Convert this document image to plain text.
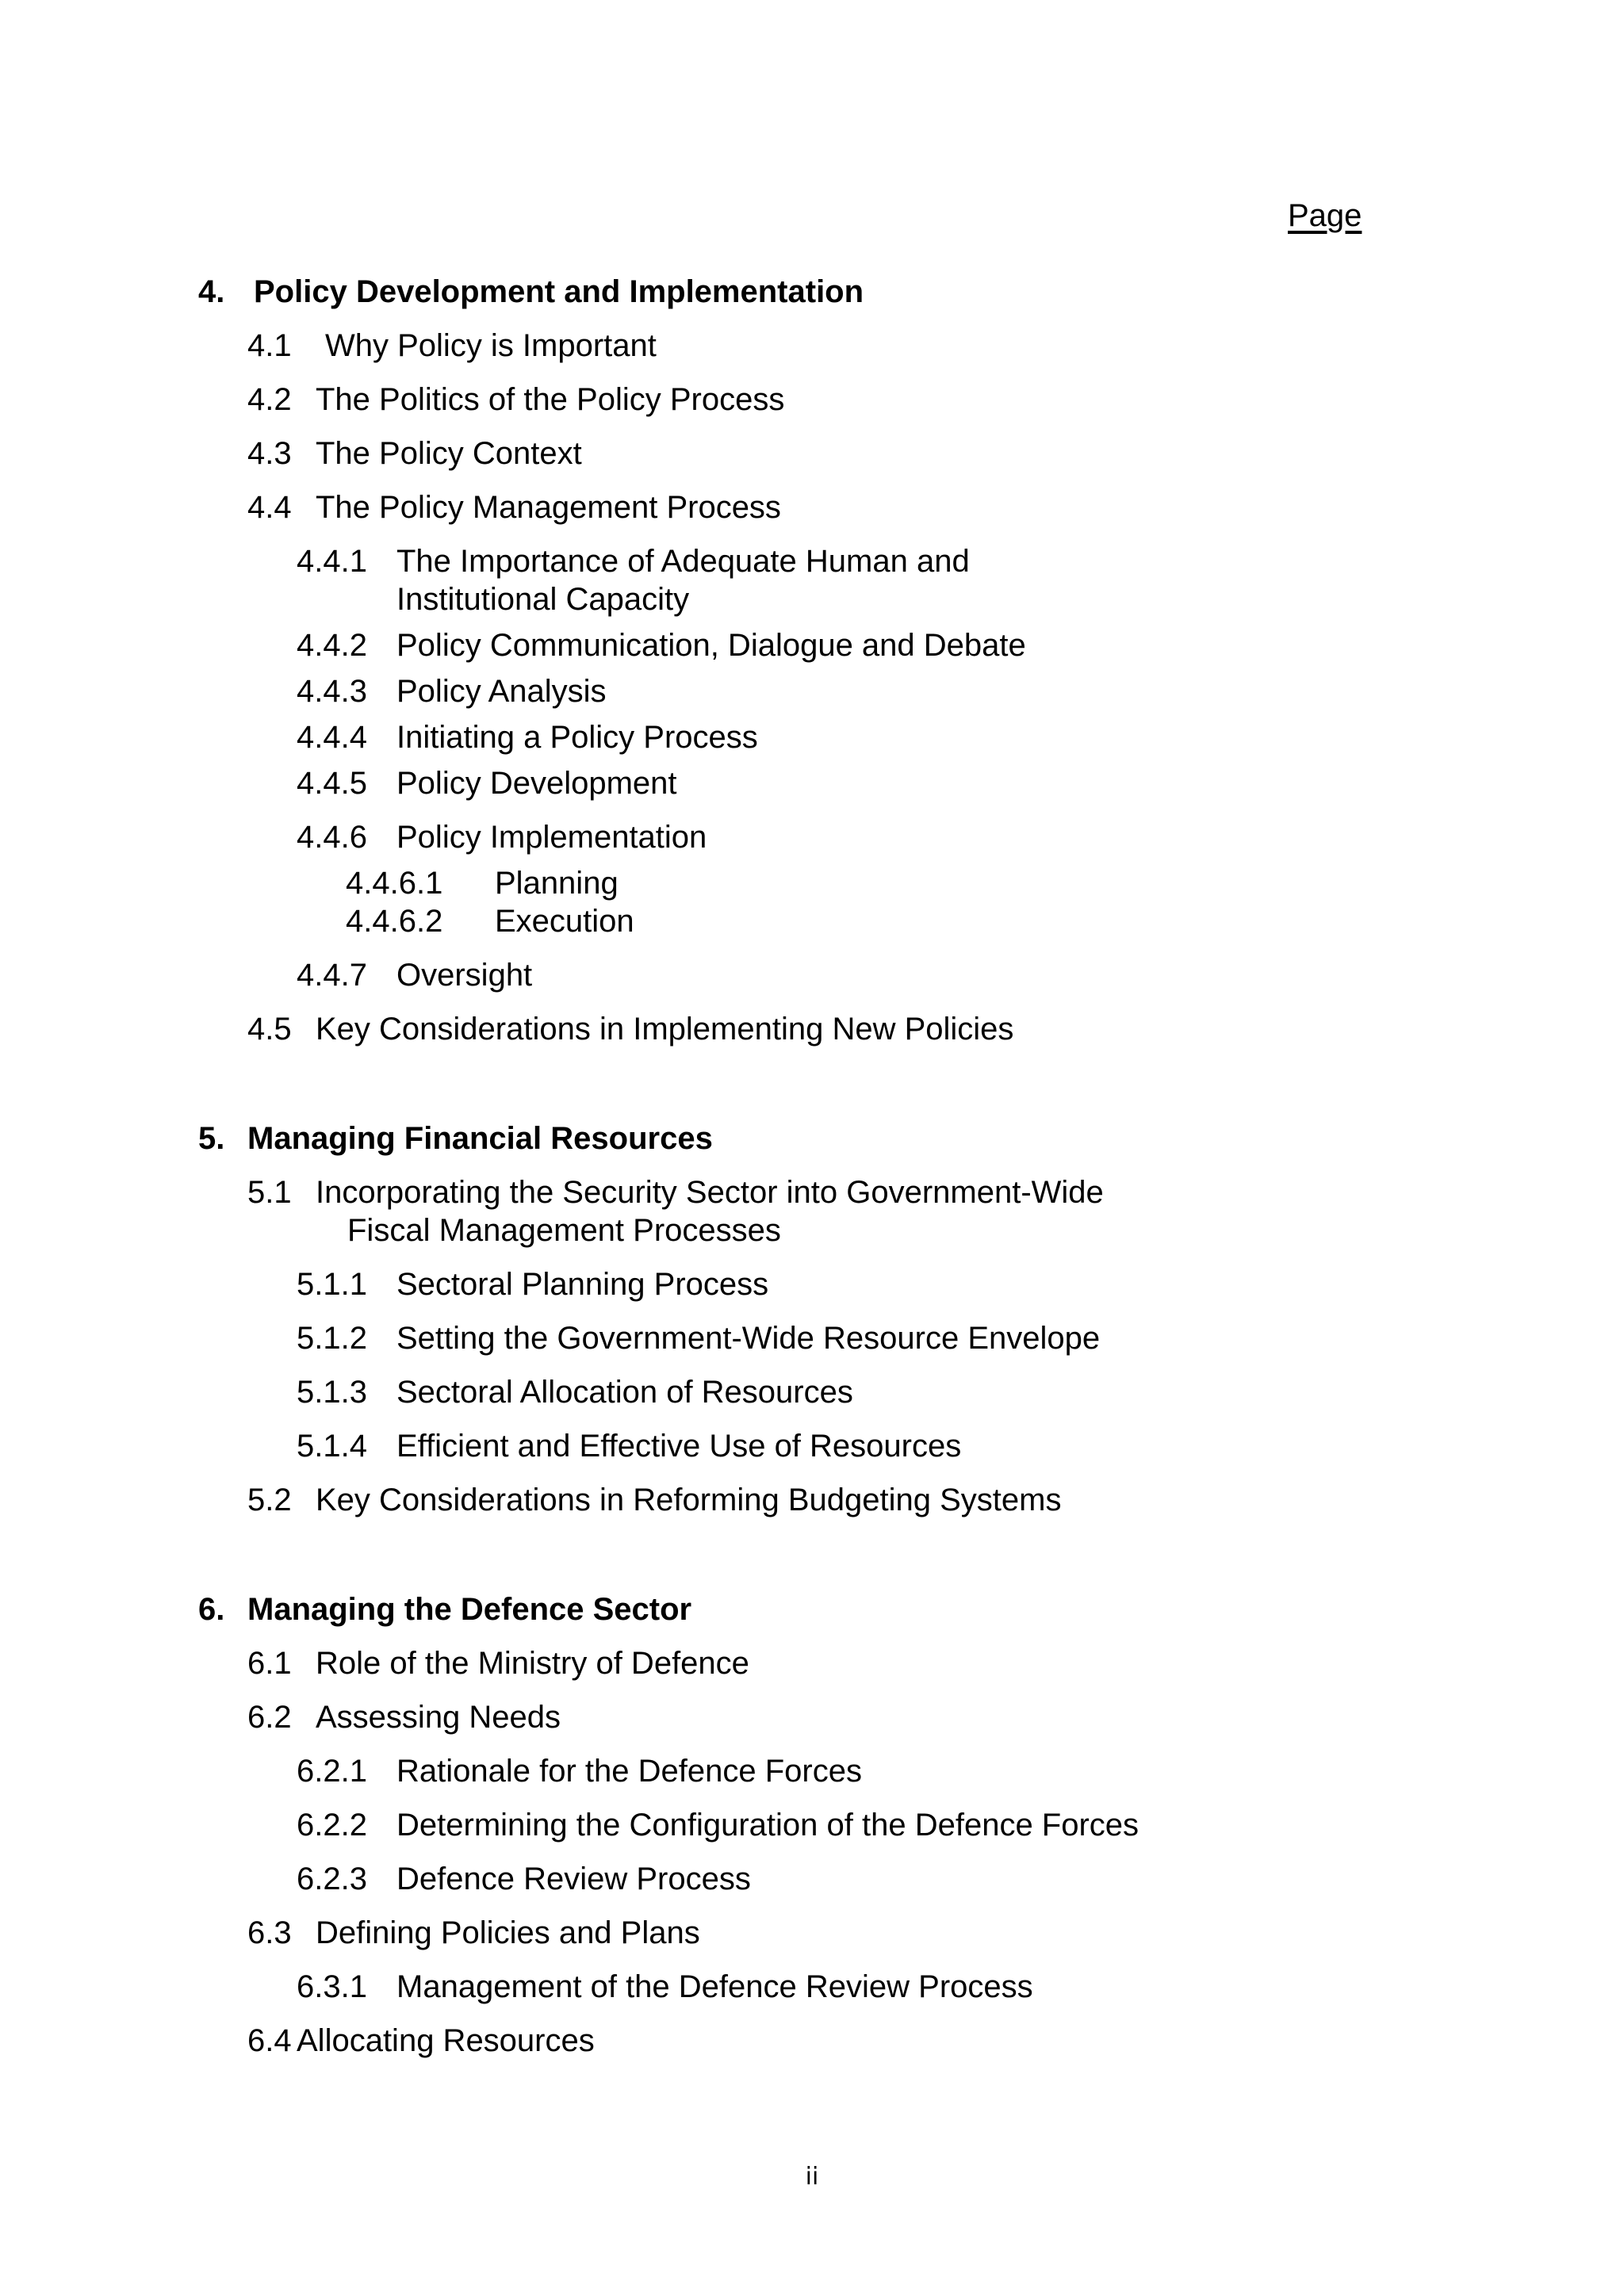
Page
4. Policy Development and Implementation
4.1 Why Policy is Important
4.2 The Politics of the Policy Process
4.3 The Policy Context
4.4 The Policy Management Process
4.4.1 The Importance of Adequate Human and
Institutional Capacity
4.4.2 Policy Communication, Dialogue and Debate
4.4.3 Policy Analysis
4.4.4 Initiating a Policy Process
4.4.5 Policy Development
4.4.6 Policy Implementation
4.4.6.1 Planning
4.4.6.2 Execution
4.4.7 Oversight
4.5 Key Considerations in Implementing New Policies
5. Managing Financial Resources
5.1 Incorporating the Security Sector into Government-Wide
Fiscal Management Processes
5.1.1 Sectoral Planning Process
5.1.2 Setting the Government-Wide Resource Envelope
5.1.3 Sectoral Allocation of Resources
5.1.4 Efficient and Effective Use of Resources
5.2 Key Considerations in Reforming Budgeting Systems
6. Managing the Defence Sector
6.1 Role of the Ministry of Defence
6.2 Assessing Needs
6.2.1 Rationale for the Defence Forces
6.2.2 Determining the Configuration of the Defence Forces
6.2.3 Defence Review Process
6.3 Defining Policies and Plans
6.3.1 Management of the Defence Review Process
6.4 Allocating Resources
ii
